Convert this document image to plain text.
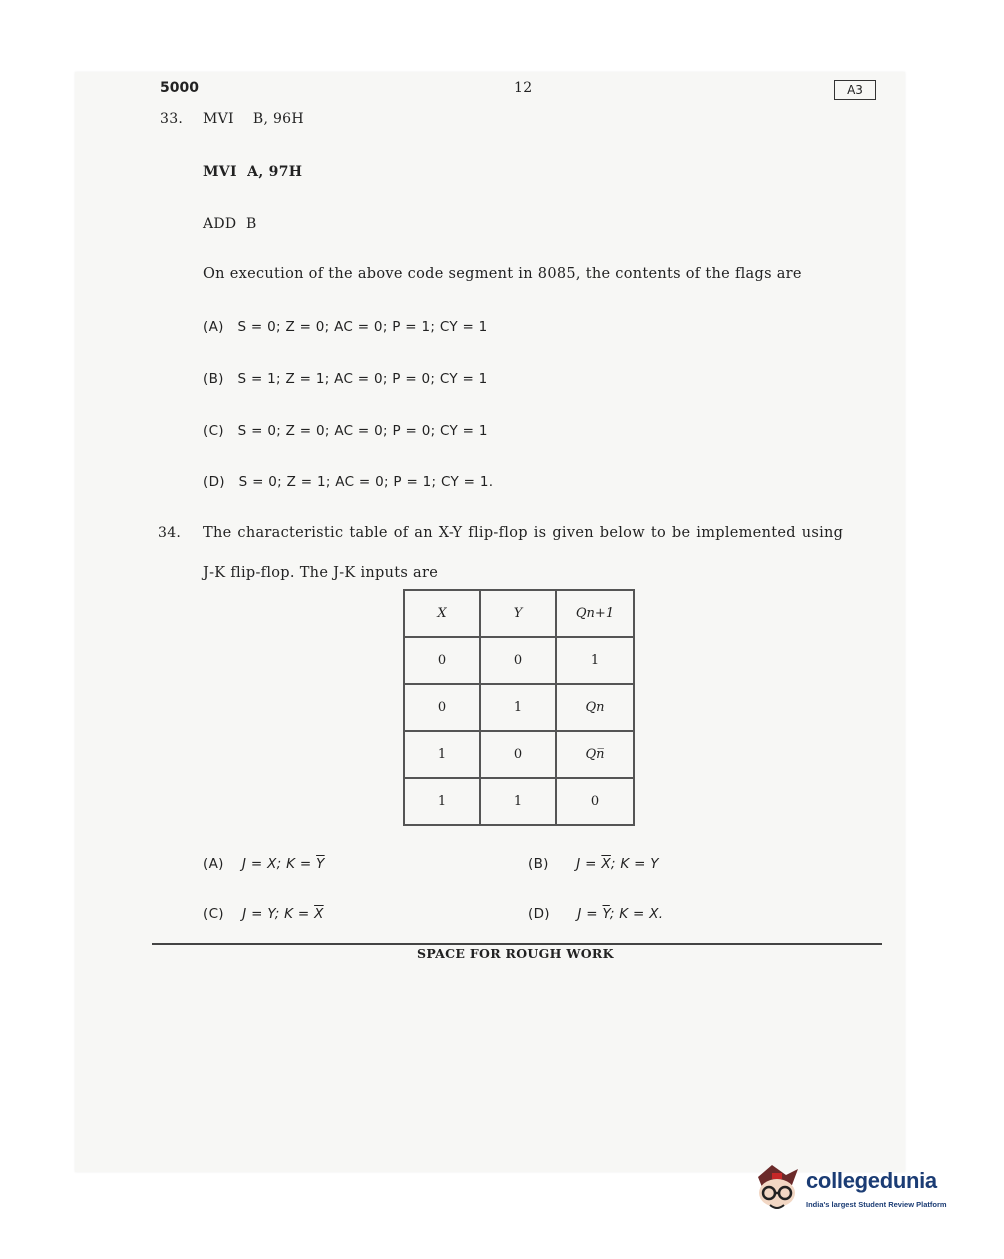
5000	12	A3
33. MVI    B, 96H
MVI  A, 97H
ADD  B
On execution of the above code segment in 8085, the contents of the flags are
(A) S = 0; Z = 0; AC = 0; P = 1; CY = 1
(B) S = 1; Z = 1; AC = 0; P = 0; CY = 1
(C) S = 0; Z = 0; AC = 0; P = 0; CY = 1
(D) S = 0; Z = 1; AC = 0; P = 1; CY = 1.
34. The characteristic table of an X-Y flip-flop is given below to be implemented using
J-K flip-flop. The J-K inputs are
X	Y	Qn+1
0	0	1
0	1	Qn
1	0	Qn̅
1	1	0
(A) J = X; $K = \overline{Y}$	(B) $J = \overline{X}$; K = Y
(C) J = Y; $K = \overline{X}$	(D) $J = \overline{Y}$; K = X.
SPACE FOR ROUGH WORK
collegedunia
India's largest Student Review Platform
